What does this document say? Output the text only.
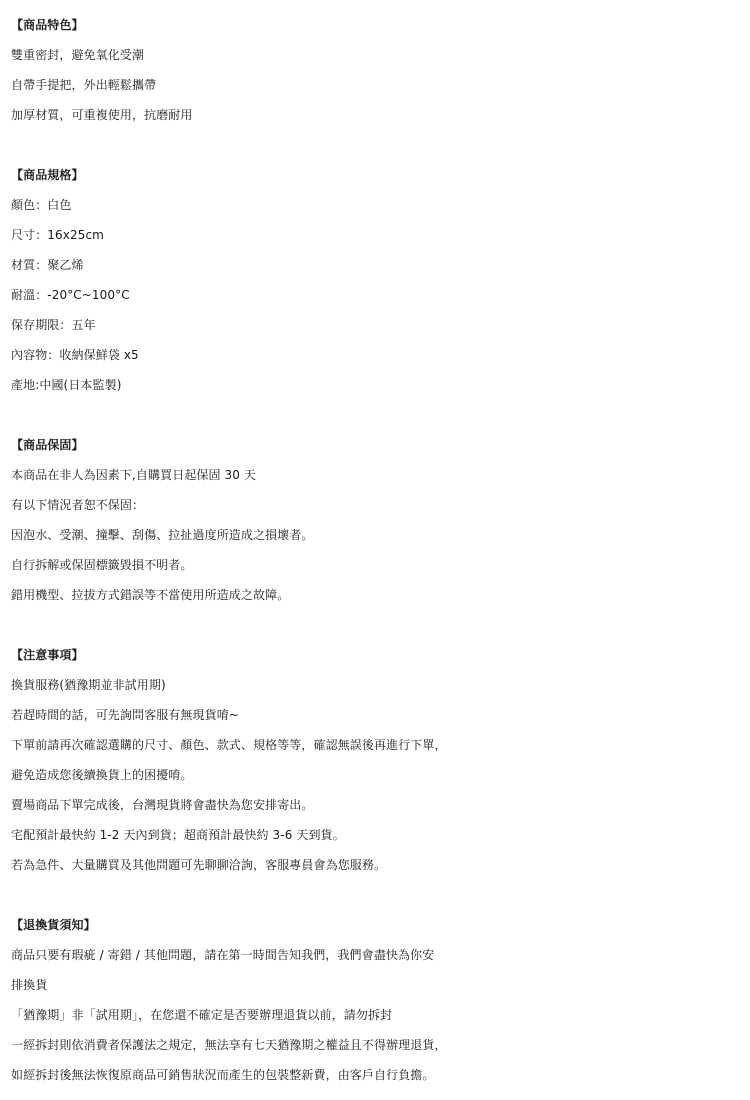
【商品特色】
雙重密封，避免氧化受潮
自帶手提把，外出輕鬆攜帶
加厚材質，可重複使用，抗磨耐用
【商品規格】
顏色：白色
尺寸：16x25cm
材質：聚乙烯
耐溫：-20°C~100°C
保存期限：五年
內容物：收納保鮮袋 x5
產地:中國(日本監製)
【商品保固】
本商品在非人為因素下,自購買日起保固 30 天
有以下情況者恕不保固：
因泡水、受潮、撞擊、刮傷、拉扯過度所造成之損壞者。
自行拆解或保固標籤毀損不明者。
錯用機型、拉拔方式錯誤等不當使用所造成之故障。
【注意事項】
換貨服務(猶豫期並非試用期)
若趕時間的話，可先詢問客服有無現貨唷~
下單前請再次確認選購的尺寸、顏色、款式、規格等等，確認無誤後再進行下單，
避免造成您後續換貨上的困擾唷。
賣場商品下單完成後，台灣現貨將會盡快為您安排寄出。
宅配預計最快約 1-2 天內到貨；超商預計最快約 3-6 天到貨。
若為急件、大量購買及其他問題可先聊聊洽詢，客服專員會為您服務。
【退換貨須知】
商品只要有瑕疵 / 寄錯 / 其他問題，請在第一時間告知我們，我們會盡快為你安
排換貨
「猶豫期」非「試用期」，在您還不確定是否要辦理退貨以前，請勿拆封
一經拆封則依消費者保護法之規定，無法享有七天猶豫期之權益且不得辦理退貨，
如經拆封後無法恢復原商品可銷售狀況而產生的包裝整新費，由客戶自行負擔。
